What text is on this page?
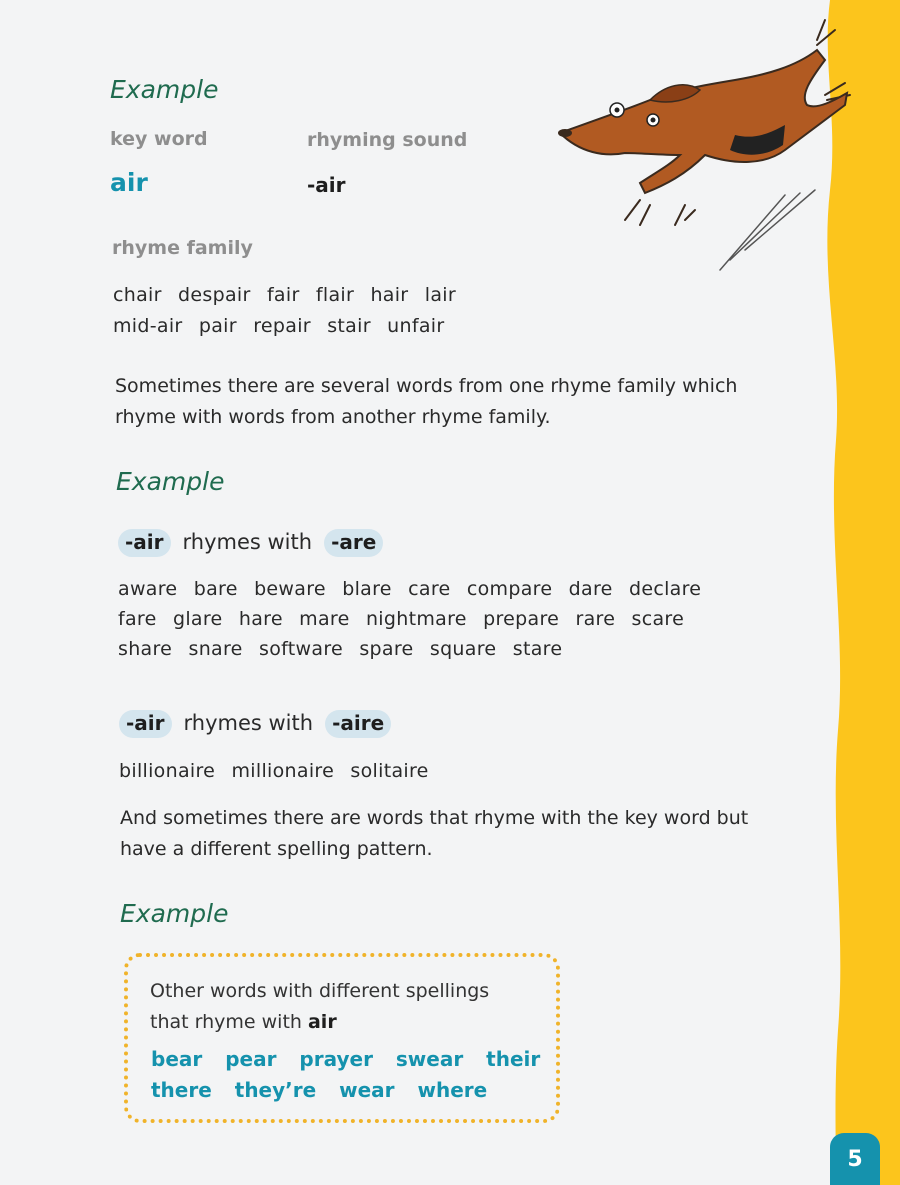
Example
key word	rhyming sound
air	-air
rhyme family
chair despair fair flair hair lair
mid-air pair repair stair unfair
Sometimes there are several words from one rhyme family which
rhyme with words from another rhyme family.
Example
-air rhymes with -are
aware bare beware blare care compare dare declare
fare glare hare mare nightmare prepare rare scare
share snare software spare square stare
-air rhymes with -aire
billionaire millionaire solitaire
And sometimes there are words that rhyme with the key word but
have a different spelling pattern.
Example
Other words with different spellings
that rhyme with air
bear pear prayer swear their
there they’re wear where
5
